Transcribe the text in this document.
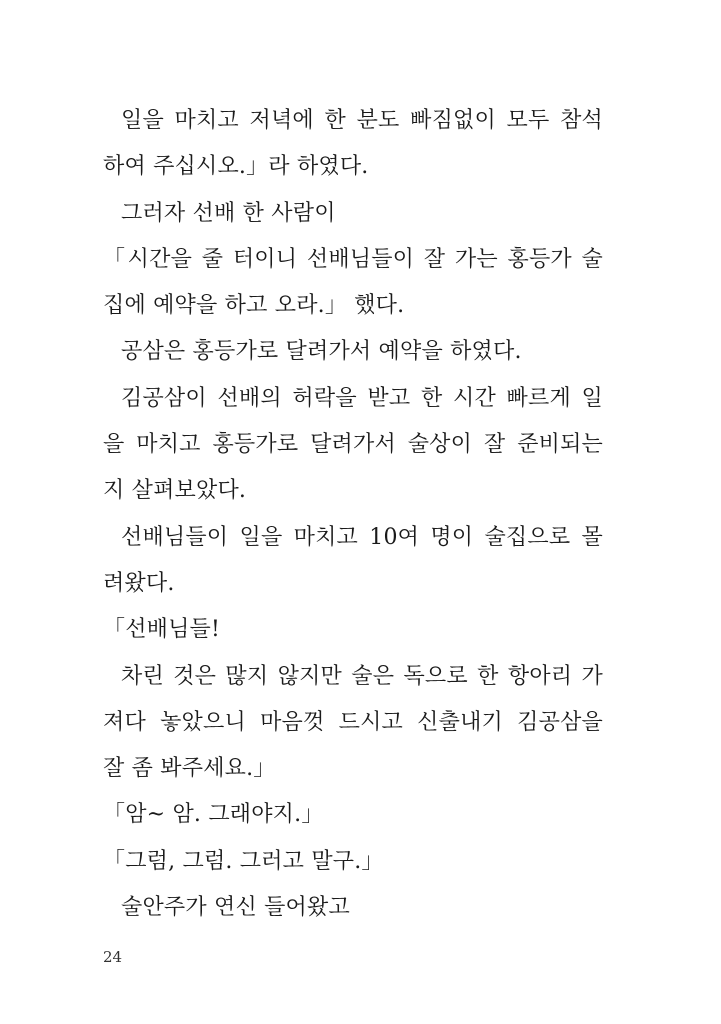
일을 마치고 저녁에 한 분도 빠짐없이 모두 참석
하여 주십시오.」라 하였다.
그러자 선배 한 사람이
「시간을 줄 터이니 선배님들이 잘 가는 홍등가 술
집에 예약을 하고 오라.」 했다.
공삼은 홍등가로 달려가서 예약을 하였다.
김공삼이 선배의 허락을 받고 한 시간 빠르게 일
을 마치고 홍등가로 달려가서 술상이 잘 준비되는
지 살펴보았다.
선배님들이 일을 마치고 10여 명이 술집으로 몰
려왔다.
「선배님들!
차린 것은 많지 않지만 술은 독으로 한 항아리 가
져다 놓았으니 마음껏 드시고 신출내기 김공삼을
잘 좀 봐주세요.」
「암~ 암. 그래야지.」
「그럼, 그럼. 그러고 말구.」
술안주가 연신 들어왔고
24
